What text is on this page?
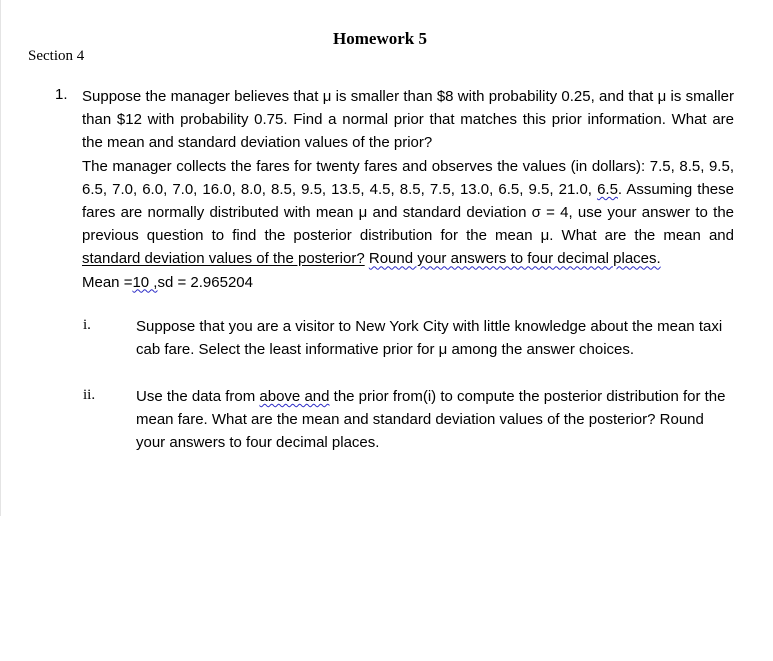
Homework 5
Section 4
1. Suppose the manager believes that μ is smaller than $8 with probability 0.25, and that μ is smaller than $12 with probability 0.75. Find a normal prior that matches this prior information. What are the mean and standard deviation values of the prior?

The manager collects the fares for twenty fares and observes the values (in dollars): 7.5, 8.5, 9.5, 6.5, 7.0, 6.0, 7.0, 16.0, 8.0, 8.5, 9.5, 13.5, 4.5, 8.5, 7.5, 13.0, 6.5, 9.5, 21.0, 6.5. Assuming these fares are normally distributed with mean μ and standard deviation σ = 4, use your answer to the previous question to find the posterior distribution for the mean μ. What are the mean and standard deviation values of the posterior? Round your answers to four decimal places.

Mean =10 ,sd = 2.965204

i.	Suppose that you are a visitor to New York City with little knowledge about the mean taxi cab fare. Select the least informative prior for μ among the answer choices.
ii.	Use the data from above and the prior from(i) to compute the posterior distribution for the mean fare. What are the mean and standard deviation values of the posterior? Round your answers to four decimal places.
